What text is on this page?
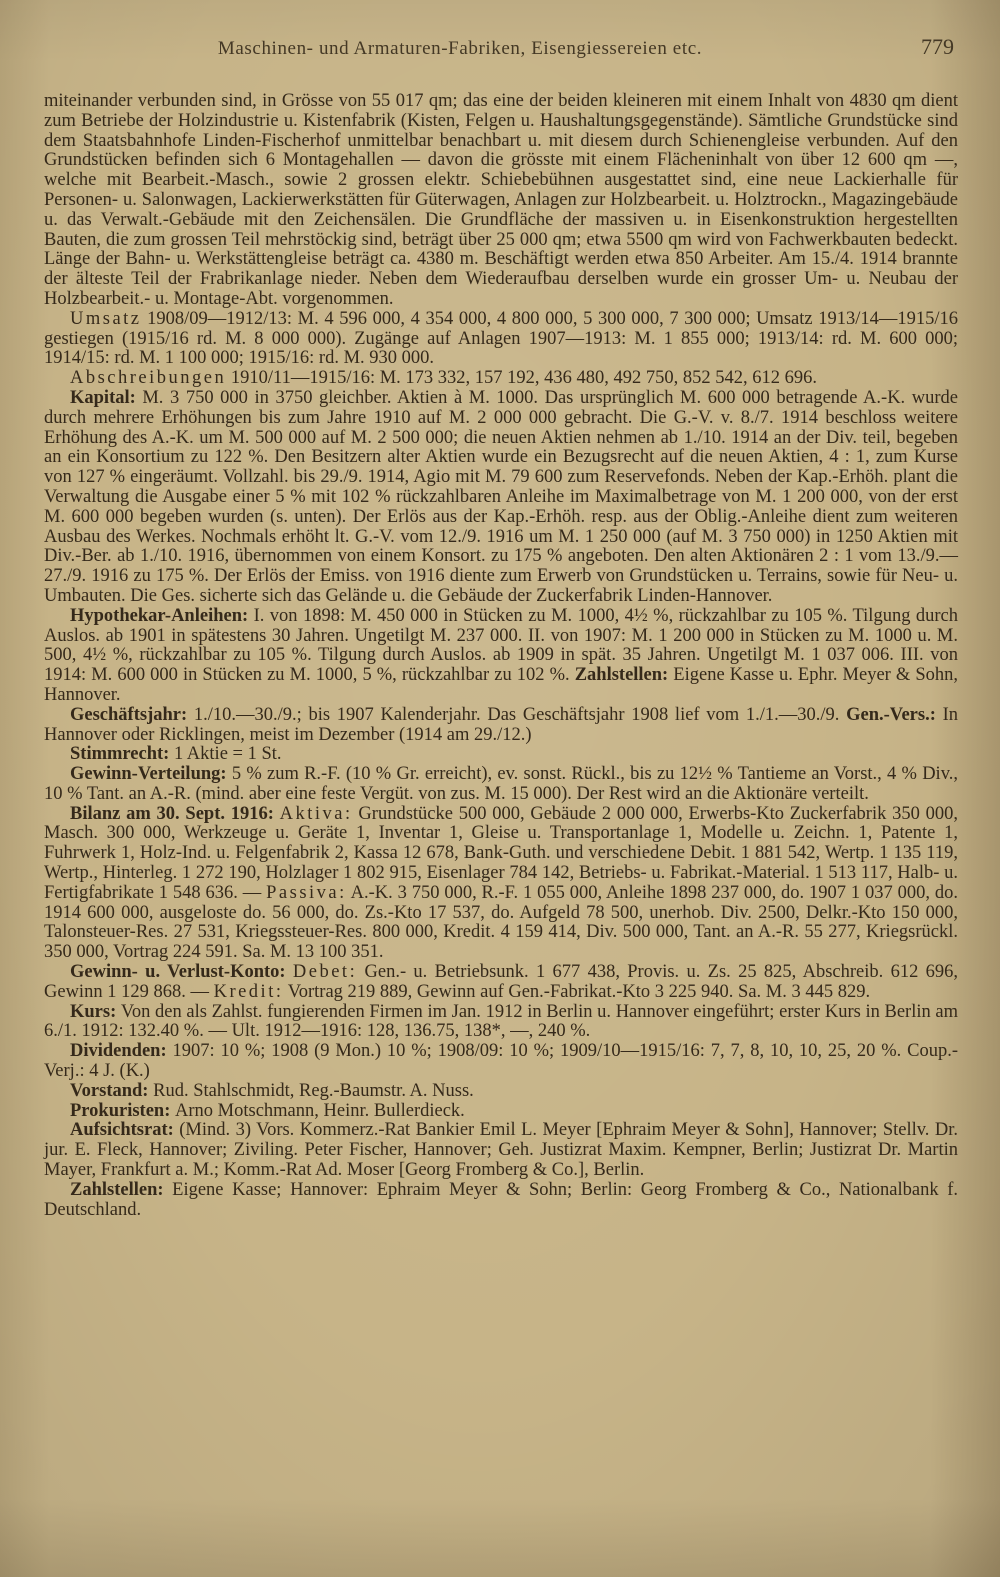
Maschinen- und Armaturen-Fabriken, Eisengiessereien etc.	779

miteinander verbunden sind, in Grösse von 55 017 qm; das eine der beiden kleineren mit einem Inhalt von 4830 qm dient zum Betriebe der Holzindustrie u. Kistenfabrik (Kisten, Felgen u. Haushaltungsgegenstände). Sämtliche Grundstücke sind dem Staatsbahnhofe Linden-Fischerhof unmittelbar benachbart u. mit diesem durch Schienengleise verbunden. Auf den Grundstücken befinden sich 6 Montagehallen — davon die grösste mit einem Flächeninhalt von über 12 600 qm —, welche mit Bearbeit.-Masch., sowie 2 grossen elektr. Schiebebühnen ausgestattet sind, eine neue Lackierhalle für Personen- u. Salonwagen, Lackierwerkstätten für Güterwagen, Anlagen zur Holzbearbeit. u. Holztrockn., Magazingebäude u. das Verwalt.-Gebäude mit den Zeichensälen. Die Grundfläche der massiven u. in Eisenkonstruktion hergestellten Bauten, die zum grossen Teil mehrstöckig sind, beträgt über 25 000 qm; etwa 5500 qm wird von Fachwerkbauten bedeckt. Länge der Bahn- u. Werkstättengleise beträgt ca. 4380 m. Beschäftigt werden etwa 850 Arbeiter. Am 15./4. 1914 brannte der älteste Teil der Frabrikanlage nieder. Neben dem Wiederaufbau derselben wurde ein grosser Um- u. Neubau der Holzbearbeit.- u. Montage-Abt. vorgenommen.

Umsatz 1908/09—1912/13: M. 4 596 000, 4 354 000, 4 800 000, 5 300 000, 7 300 000; Umsatz 1913/14—1915/16 gestiegen (1915/16 rd. M. 8 000 000). Zugänge auf Anlagen 1907—1913: M. 1 855 000; 1913/14: rd. M. 600 000; 1914/15: rd. M. 1 100 000; 1915/16: rd. M. 930 000.

Abschreibungen 1910/11—1915/16: M. 173 332, 157 192, 436 480, 492 750, 852 542, 612 696.

Kapital: M. 3 750 000 in 3750 gleichber. Aktien à M. 1000. Das ursprünglich M. 600 000 betragende A.-K. wurde durch mehrere Erhöhungen bis zum Jahre 1910 auf M. 2 000 000 gebracht. Die G.-V. v. 8./7. 1914 beschloss weitere Erhöhung des A.-K. um M. 500 000 auf M. 2 500 000; die neuen Aktien nehmen ab 1./10. 1914 an der Div. teil, begeben an ein Konsortium zu 122 %. Den Besitzern alter Aktien wurde ein Bezugsrecht auf die neuen Aktien, 4 : 1, zum Kurse von 127 % eingeräumt. Vollzahl. bis 29./9. 1914, Agio mit M. 79 600 zum Reservefonds. Neben der Kap.-Erhöh. plant die Verwaltung die Ausgabe einer 5 % mit 102 % rückzahlbaren Anleihe im Maximalbetrage von M. 1 200 000, von der erst M. 600 000 begeben wurden (s. unten). Der Erlös aus der Kap.-Erhöh. resp. aus der Oblig.-Anleihe dient zum weiteren Ausbau des Werkes. Nochmals erhöht lt. G.-V. vom 12./9. 1916 um M. 1 250 000 (auf M. 3 750 000) in 1250 Aktien mit Div.-Ber. ab 1./10. 1916, übernommen von einem Konsort. zu 175 % angeboten. Den alten Aktionären 2 : 1 vom 13./9.—27./9. 1916 zu 175 %. Der Erlös der Emiss. von 1916 diente zum Erwerb von Grundstücken u. Terrains, sowie für Neu- u. Umbauten. Die Ges. sicherte sich das Gelände u. die Gebäude der Zuckerfabrik Linden-Hannover.

Hypothekar-Anleihen: I. von 1898: M. 450 000 in Stücken zu M. 1000, 4½ %, rückzahlbar zu 105 %. Tilgung durch Auslos. ab 1901 in spätestens 30 Jahren. Ungetilgt M. 237 000. II. von 1907: M. 1 200 000 in Stücken zu M. 1000 u. M. 500, 4½ %, rückzahlbar zu 105 %. Tilgung durch Auslos. ab 1909 in spät. 35 Jahren. Ungetilgt M. 1 037 006. III. von 1914: M. 600 000 in Stücken zu M. 1000, 5 %, rückzahlbar zu 102 %. Zahlstellen: Eigene Kasse u. Ephr. Meyer & Sohn, Hannover.

Geschäftsjahr: 1./10.—30./9.; bis 1907 Kalenderjahr. Das Geschäftsjahr 1908 lief vom 1./1.—30./9. Gen.-Vers.: In Hannover oder Ricklingen, meist im Dezember (1914 am 29./12.)

Stimmrecht: 1 Aktie = 1 St.

Gewinn-Verteilung: 5 % zum R.-F. (10 % Gr. erreicht), ev. sonst. Rückl., bis zu 12½ % Tantieme an Vorst., 4 % Div., 10 % Tant. an A.-R. (mind. aber eine feste Vergüt. von zus. M. 15 000). Der Rest wird an die Aktionäre verteilt.

Bilanz am 30. Sept. 1916: Aktiva: Grundstücke 500 000, Gebäude 2 000 000, Erwerbs-Kto Zuckerfabrik 350 000, Masch. 300 000, Werkzeuge u. Geräte 1, Inventar 1, Gleise u. Transportanlage 1, Modelle u. Zeichn. 1, Patente 1, Fuhrwerk 1, Holz-Ind. u. Felgenfabrik 2, Kassa 12 678, Bank-Guth. und verschiedene Debit. 1 881 542, Wertp. 1 135 119, Wertp., Hinterleg. 1 272 190, Holzlager 1 802 915, Eisenlager 784 142, Betriebs- u. Fabrikat.-Material. 1 513 117, Halb- u. Fertigfabrikate 1 548 636. — Passiva: A.-K. 3 750 000, R.-F. 1 055 000, Anleihe 1898 237 000, do. 1907 1 037 000, do. 1914 600 000, ausgeloste do. 56 000, do. Zs.-Kto 17 537, do. Aufgeld 78 500, unerhob. Div. 2500, Delkr.-Kto 150 000, Talonsteuer-Res. 27 531, Kriegssteuer-Res. 800 000, Kredit. 4 159 414, Div. 500 000, Tant. an A.-R. 55 277, Kriegsrückl. 350 000, Vortrag 224 591. Sa. M. 13 100 351.

Gewinn- u. Verlust-Konto: Debet: Gen.- u. Betriebsunk. 1 677 438, Provis. u. Zs. 25 825, Abschreib. 612 696, Gewinn 1 129 868. — Kredit: Vortrag 219 889, Gewinn auf Gen.-Fabrikat.-Kto 3 225 940. Sa. M. 3 445 829.

Kurs: Von den als Zahlst. fungierenden Firmen im Jan. 1912 in Berlin u. Hannover eingeführt; erster Kurs in Berlin am 6./1. 1912: 132.40 %. — Ult. 1912—1916: 128, 136.75, 138*, —, 240 %.

Dividenden: 1907: 10 %; 1908 (9 Mon.) 10 %; 1908/09: 10 %; 1909/10—1915/16: 7, 7, 8, 10, 10, 25, 20 %. Coup.-Verj.: 4 J. (K.)

Vorstand: Rud. Stahlschmidt, Reg.-Baumstr. A. Nuss.

Prokuristen: Arno Motschmann, Heinr. Bullerdieck.

Aufsichtsrat: (Mind. 3) Vors. Kommerz.-Rat Bankier Emil L. Meyer [Ephraim Meyer & Sohn], Hannover; Stellv. Dr. jur. E. Fleck, Hannover; Ziviling. Peter Fischer, Hannover; Geh. Justizrat Maxim. Kempner, Berlin; Justizrat Dr. Martin Mayer, Frankfurt a. M.; Komm.-Rat Ad. Moser [Georg Fromberg & Co.], Berlin.

Zahlstellen: Eigene Kasse; Hannover: Ephraim Meyer & Sohn; Berlin: Georg Fromberg & Co., Nationalbank f. Deutschland.
